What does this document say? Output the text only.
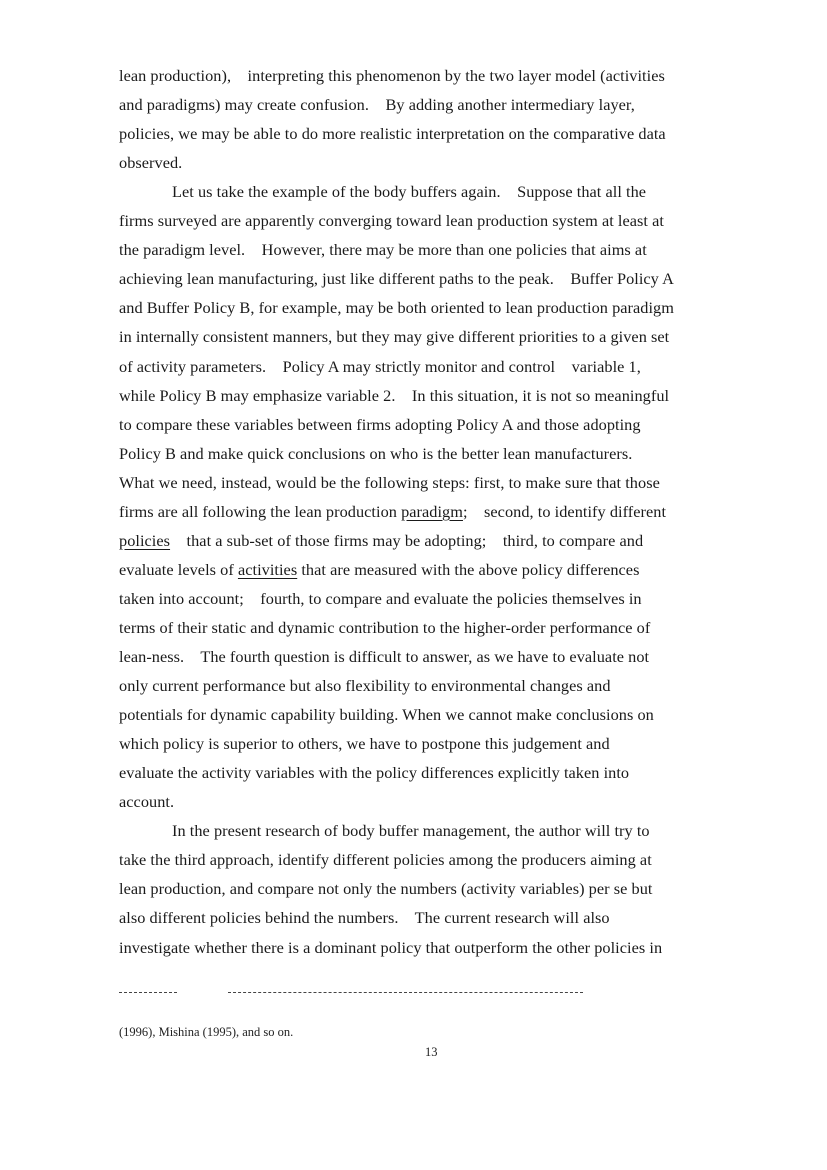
lean production),    interpreting this phenomenon by the two layer model (activities
and paradigms) may create confusion.    By adding another intermediary layer,
policies, we may be able to do more realistic interpretation on the comparative data
observed.
Let us take the example of the body buffers again.    Suppose that all the
firms surveyed are apparently converging toward lean production system at least at
the paradigm level.    However, there may be more than one policies that aims at
achieving lean manufacturing, just like different paths to the peak.    Buffer Policy A
and Buffer Policy B, for example, may be both oriented to lean production paradigm
in internally consistent manners, but they may give different priorities to a given set
of activity parameters.    Policy A may strictly monitor and control    variable 1,
while Policy B may emphasize variable 2.    In this situation, it is not so meaningful
to compare these variables between firms adopting Policy A and those adopting
Policy B and make quick conclusions on who is the better lean manufacturers.
What we need, instead, would be the following steps: first, to make sure that those
firms are all following the lean production paradigm;    second, to identify different
policies    that a sub-set of those firms may be adopting;    third, to compare and
evaluate levels of activities that are measured with the above policy differences
taken into account;    fourth, to compare and evaluate the policies themselves in
terms of their static and dynamic contribution to the higher-order performance of
lean-ness.    The fourth question is difficult to answer, as we have to evaluate not
only current performance but also flexibility to environmental changes and
potentials for dynamic capability building. When we cannot make conclusions on
which policy is superior to others, we have to postpone this judgement and
evaluate the activity variables with the policy differences explicitly taken into
account.
In the present research of body buffer management, the author will try to
take the third approach, identify different policies among the producers aiming at
lean production, and compare not only the numbers (activity variables) per se but
also different policies behind the numbers.    The current research will also
investigate whether there is a dominant policy that outperform the other policies in
(1996), Mishina (1995), and so on.
13
